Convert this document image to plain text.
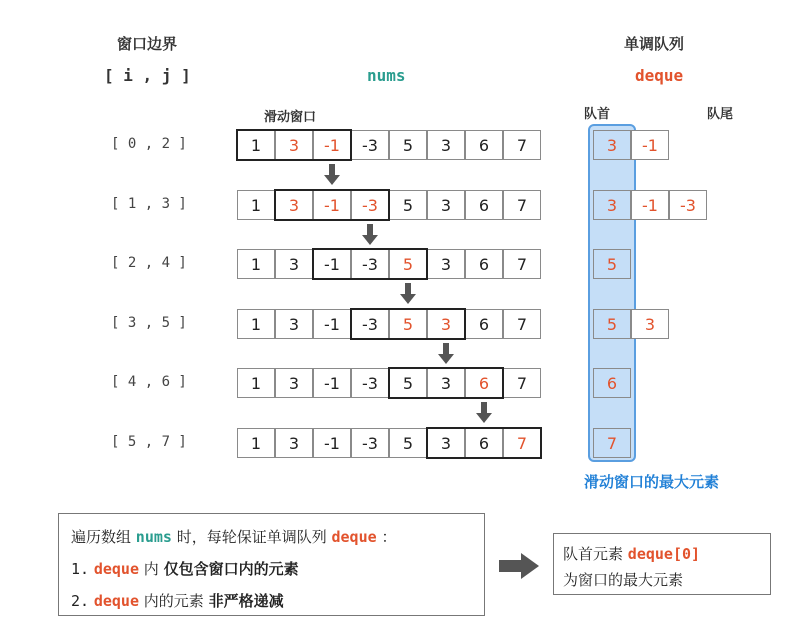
窗口边界
[ i , j ]	nums
单调队列
deque
滑动窗口	队首	队尾
[ 0 , 2 ]	1	3	-1	-3	5	3	6	7	3	-1
[ 1 , 3 ]	1	3	-1	-3	5	3	6	7	3	-1	-3
[ 2 , 4 ]	1	3	-1	-3	5	3	6	7	5
[ 3 , 5 ]	1	3	-1	-3	5	3	6	7	5	3
[ 4 , 6 ]	1	3	-1	-3	5	3	6	7	6
[ 5 , 7 ]	1	3	-1	-3	5	3	6	7	7
滑动窗口的最大元素
遍历数组 nums 时，每轮保证单调队列 deque ：
1. deque 内 仅包含窗口内的元素
2. deque 内的元素 非严格递减
队首元素 deque[0]
为窗口的最大元素
